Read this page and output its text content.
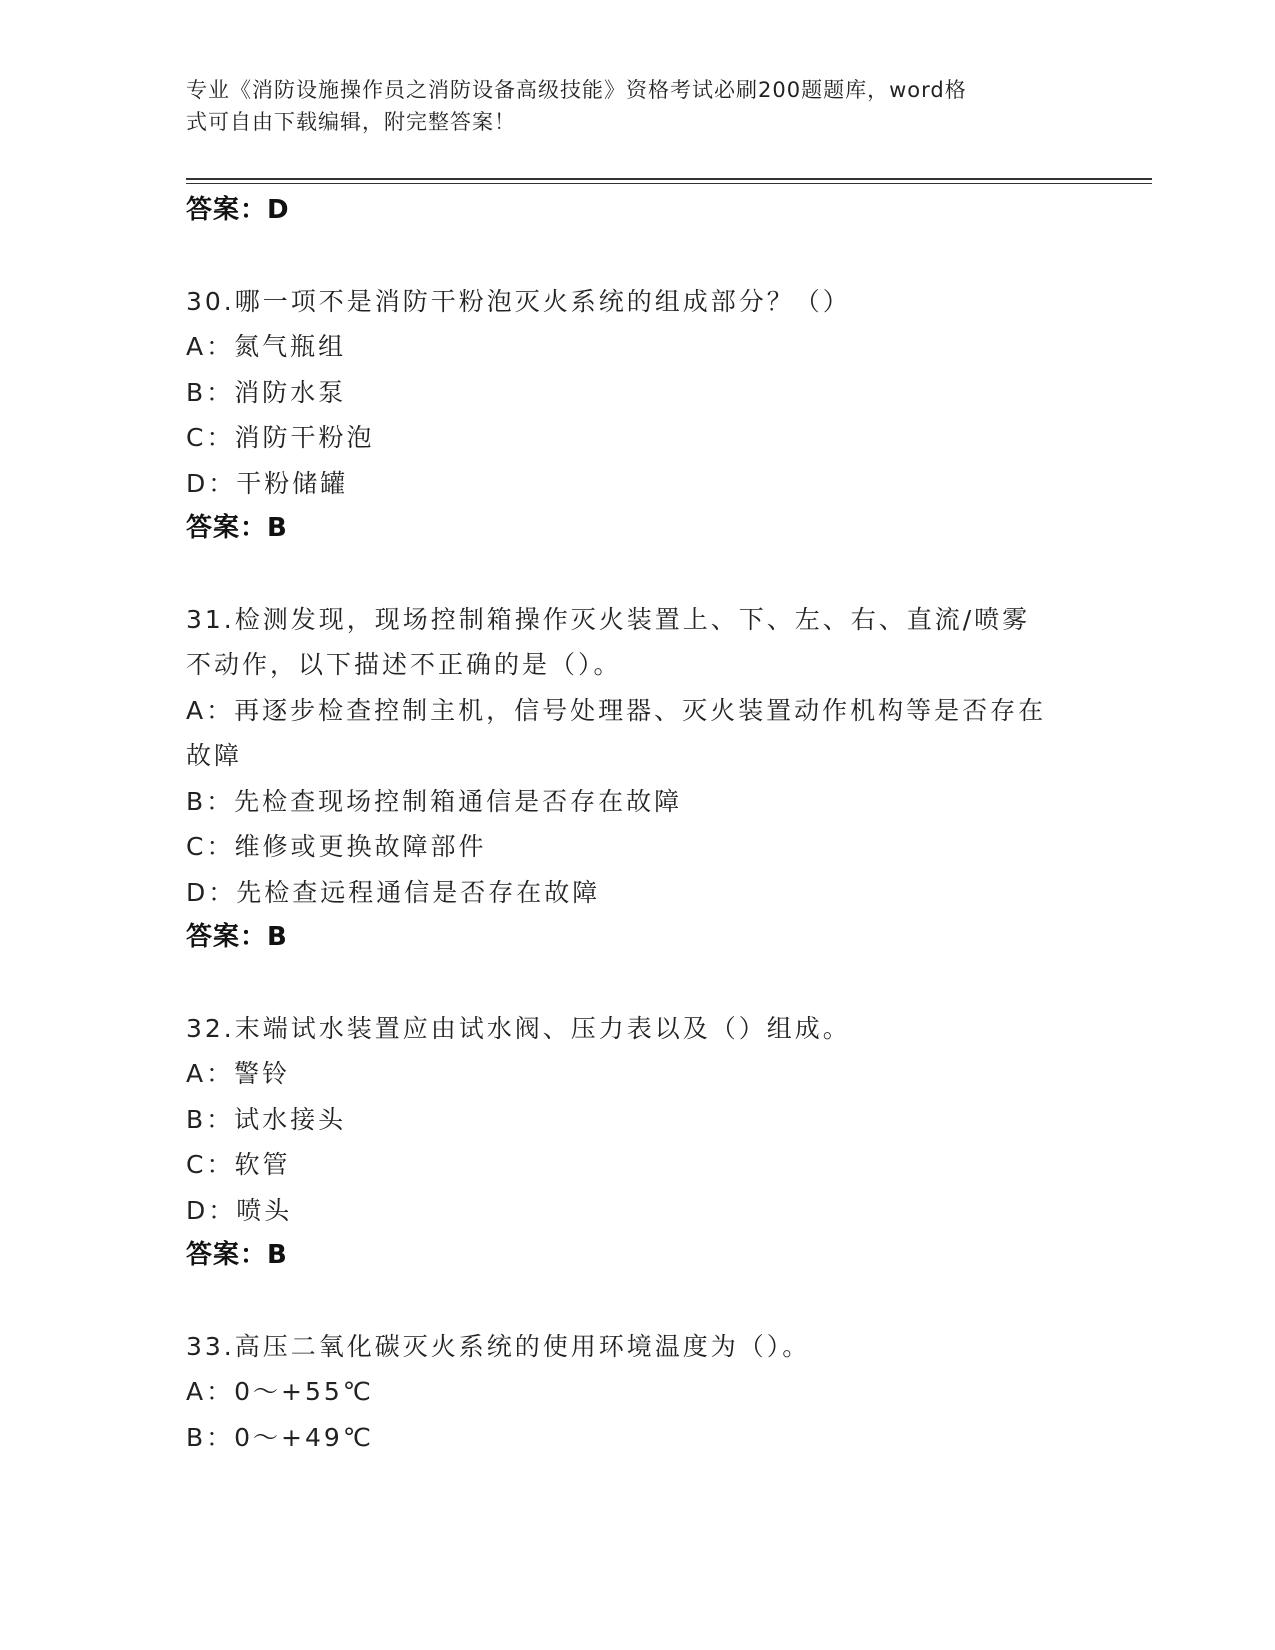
专业《消防设施操作员之消防设备高级技能》资格考试必刷200题题库，word格
式可自由下载编辑，附完整答案！
答案：D
30.哪一项不是消防干粉泡灭火系统的组成部分？（）
A：氮气瓶组
B：消防水泵
C：消防干粉泡
D：干粉储罐
答案：B
31.检测发现，现场控制箱操作灭火装置上、下、左、右、直流/喷雾
不动作，以下描述不正确的是（）。
A：再逐步检查控制主机，信号处理器、灭火装置动作机构等是否存在
故障
B：先检查现场控制箱通信是否存在故障
C：维修或更换故障部件
D：先检查远程通信是否存在故障
答案：B
32.末端试水装置应由试水阀、压力表以及（）组成。
A：警铃
B：试水接头
C：软管
D：喷头
答案：B
33.高压二氧化碳灭火系统的使用环境温度为（）。
A：0～+55℃
B：0～+49℃
